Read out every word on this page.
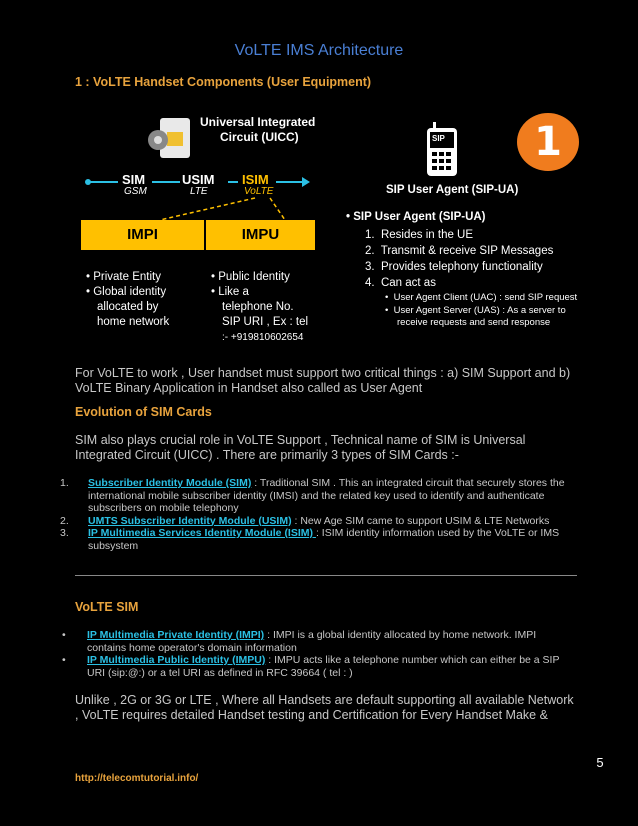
VoLTE IMS Architecture
1 : VoLTE Handset Components (User Equipment)
Universal Integrated
Circuit (UICC)
SIM
GSM
USIM
LTE
ISIM
VoLTE
IMPI	IMPU
• Private Entity
• Global identity
allocated by
home network
• Public Identity
• Like a
telephone No.
SIP URI , Ex : tel
:- +919810602654
SIP
SIP User Agent (SIP-UA)
1
• SIP User Agent (SIP-UA)
1.  Resides in the UE
2.  Transmit & receive SIP Messages
3.  Provides telephony functionality
4.  Can act as
•  User Agent Client (UAC) : send SIP request
•  User Agent Server (UAS) : As a server to
receive requests and send response
For VoLTE to work , User handset must support two critical things : a) SIM Support and b) VoLTE Binary Application in Handset also called as User Agent
Evolution of SIM Cards
SIM also plays crucial role in VoLTE Support , Technical name of SIM is Universal Integrated Circuit (UICC) . There are primarily 3 types of SIM Cards :-
1.	Subscriber Identity Module (SIM) : Traditional SIM . This an integrated circuit that securely stores the international mobile subscriber identity (IMSI) and the related key used to identify and authenticate subscribers on mobile telephony
2.	UMTS Subscriber Identity Module (USIM) : New Age SIM came to support USIM & LTE Networks
3.	IP Multimedia Services Identity Module (ISIM) : ISIM identity information used by the VoLTE or IMS subsystem
VoLTE SIM
•	IP Multimedia Private Identity (IMPI) : IMPI is a global identity allocated by home network. IMPI contains home operator's domain information
•	IP Multimedia Public Identity (IMPU) : IMPU acts like a telephone number which can either be a SIP URI (sip:@:) or a tel URI as defined in RFC 39664 ( tel : )
Unlike , 2G or 3G or LTE , Where all Handsets are default supporting all available Network , VoLTE requires detailed Handset testing and Certification for Every Handset Make &
5
http://telecomtutorial.info/
